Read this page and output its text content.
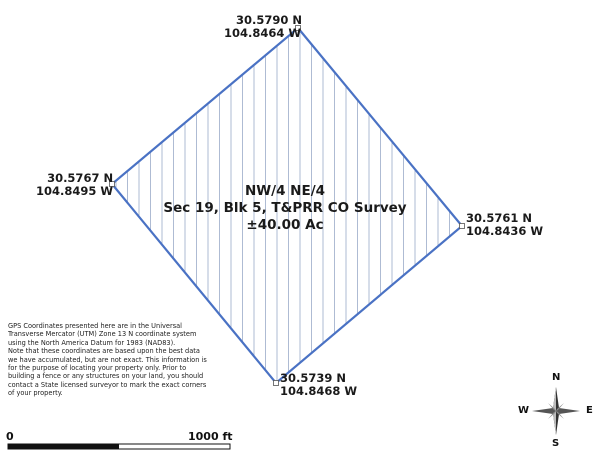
30.5790 N
104.8464 W
30.5767 N
104.8495 W
30.5761 N
104.8436 W
30.5739 N
104.8468 W
NW/4 NE/4
Sec 19, Blk 5, T&PRR CO Survey
±40.00 Ac

GPS Coordinates presented here are in the Universal Transverse Mercator (UTM) Zone 13 N coordinate system using the North America Datum for 1983 (NAD83).

Note that these coordinates are based upon the best data we have accumulated, but are not exact. This information is for the purpose of locating your property only. Prior to building a fence or any structures on your land, you should contact a State licensed surveyor to mark the exact corners of your property.

0	1000 ft
N
S
W	E
